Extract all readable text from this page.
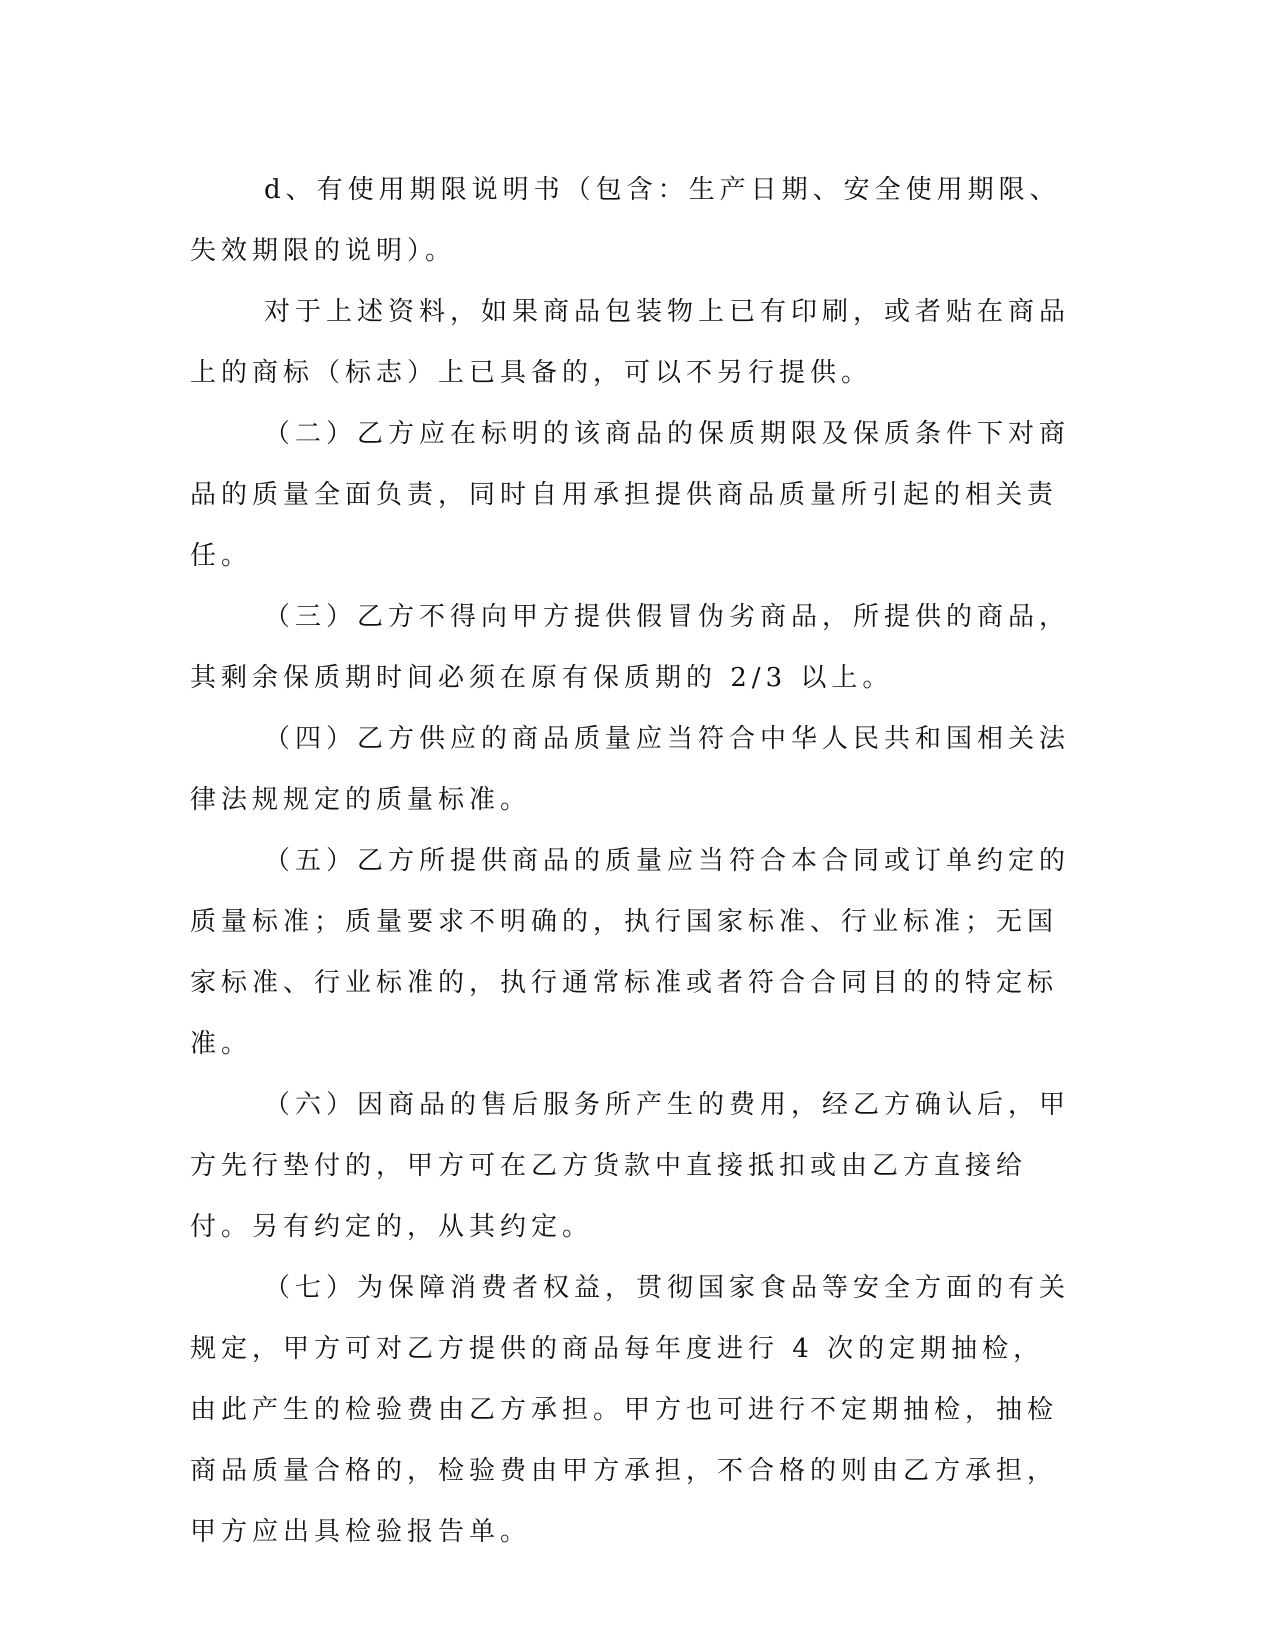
d、有使用期限说明书（包含：生产日期、安全使用期限、失效期限的说明）。

对于上述资料，如果商品包装物上已有印刷，或者贴在商品上的商标（标志）上已具备的，可以不另行提供。

（二）乙方应在标明的该商品的保质期限及保质条件下对商品的质量全面负责，同时自用承担提供商品质量所引起的相关责任。

（三）乙方不得向甲方提供假冒伪劣商品，所提供的商品，其剩余保质期时间必须在原有保质期的 2/3 以上。

（四）乙方供应的商品质量应当符合中华人民共和国相关法律法规规定的质量标准。

（五）乙方所提供商品的质量应当符合本合同或订单约定的质量标准；质量要求不明确的，执行国家标准、行业标准；无国家标准、行业标准的，执行通常标准或者符合合同目的的特定标准。

（六）因商品的售后服务所产生的费用，经乙方确认后，甲方先行垫付的，甲方可在乙方货款中直接抵扣或由乙方直接给付。另有约定的，从其约定。

（七）为保障消费者权益，贯彻国家食品等安全方面的有关规定，甲方可对乙方提供的商品每年度进行 4 次的定期抽检，由此产生的检验费由乙方承担。甲方也可进行不定期抽检，抽检商品质量合格的，检验费由甲方承担，不合格的则由乙方承担，甲方应出具检验报告单。
